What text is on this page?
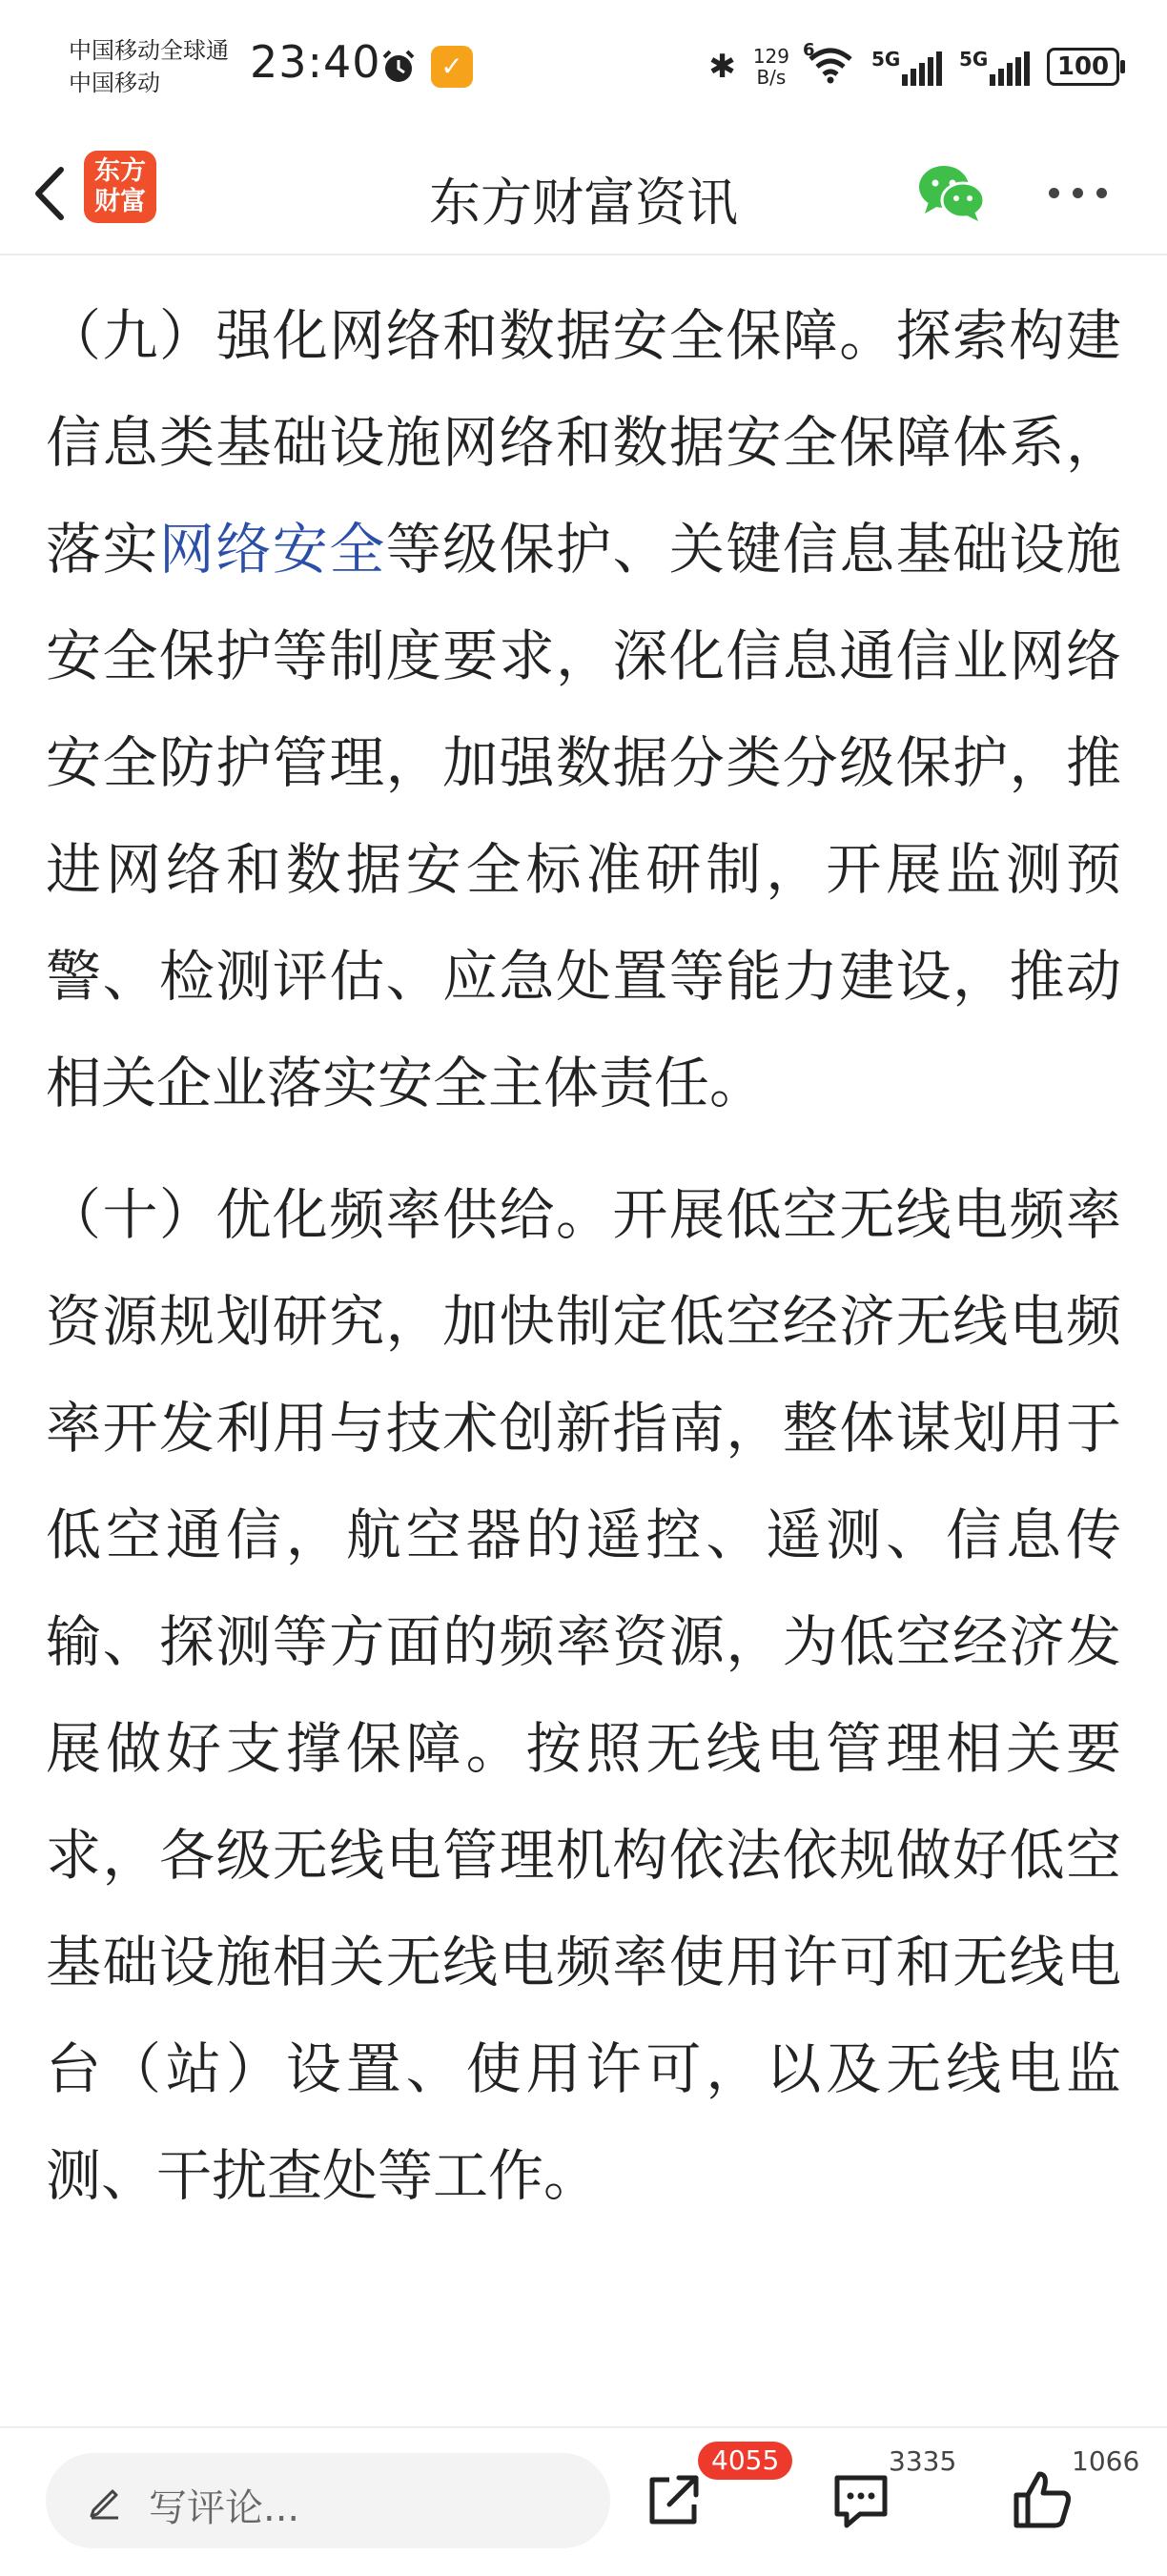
中国移动全球通
中国移动	23:40	✓	✱ 129
B/s
6	5G	5G	100
东方
财富	东方财富资讯

（九）强化网络和数据安全保障。探索构建信息类基础设施网络和数据安全保障体系，落实网络安全等级保护、关键信息基础设施安全保护等制度要求，深化信息通信业网络安全防护管理，加强数据分类分级保护，推进网络和数据安全标准研制，开展监测预警、检测评估、应急处置等能力建设，推动相关企业落实安全主体责任。

（十）优化频率供给。开展低空无线电频率资源规划研究，加快制定低空经济无线电频率开发利用与技术创新指南，整体谋划用于低空通信，航空器的遥控、遥测、信息传输、探测等方面的频率资源，为低空经济发展做好支撑保障。按照无线电管理相关要求，各级无线电管理机构依法依规做好低空基础设施相关无线电频率使用许可和无线电台（站）设置、使用许可，以及无线电监测、干扰查处等工作。

写评论...
4055	3335	1066
